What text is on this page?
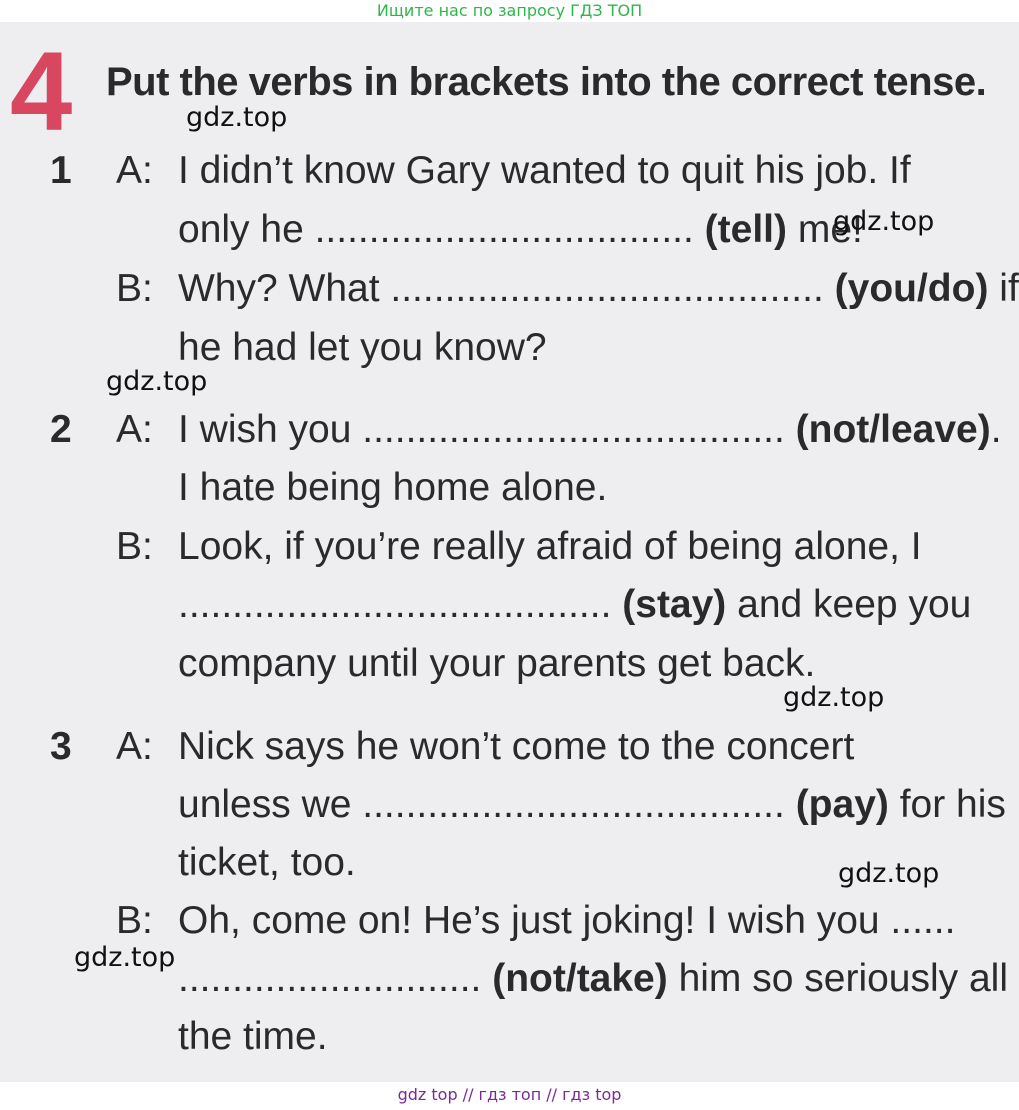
Ищите нас по запросу ГДЗ ТОП
4 Put the verbs in brackets into the correct tense.
1 A: I didn’t know Gary wanted to quit his job. If
only he ................................... (tell) me!
B: Why? What ........................................ (you/do) if
he had let you know?
2 A: I wish you ....................................... (not/leave).
I hate being home alone.
B: Look, if you’re really afraid of being alone, I
........................................ (stay) and keep you
company until your parents get back.
3 A: Nick says he won’t come to the concert
unless we ....................................... (pay) for his
ticket, too.
B: Oh, come on! He’s just joking! I wish you ......
............................ (not/take) him so seriously all
the time.
gdz.top
gdz.top
gdz.top
gdz.top
gdz.top
gdz.top
gdz top // гдз топ // гдз top
